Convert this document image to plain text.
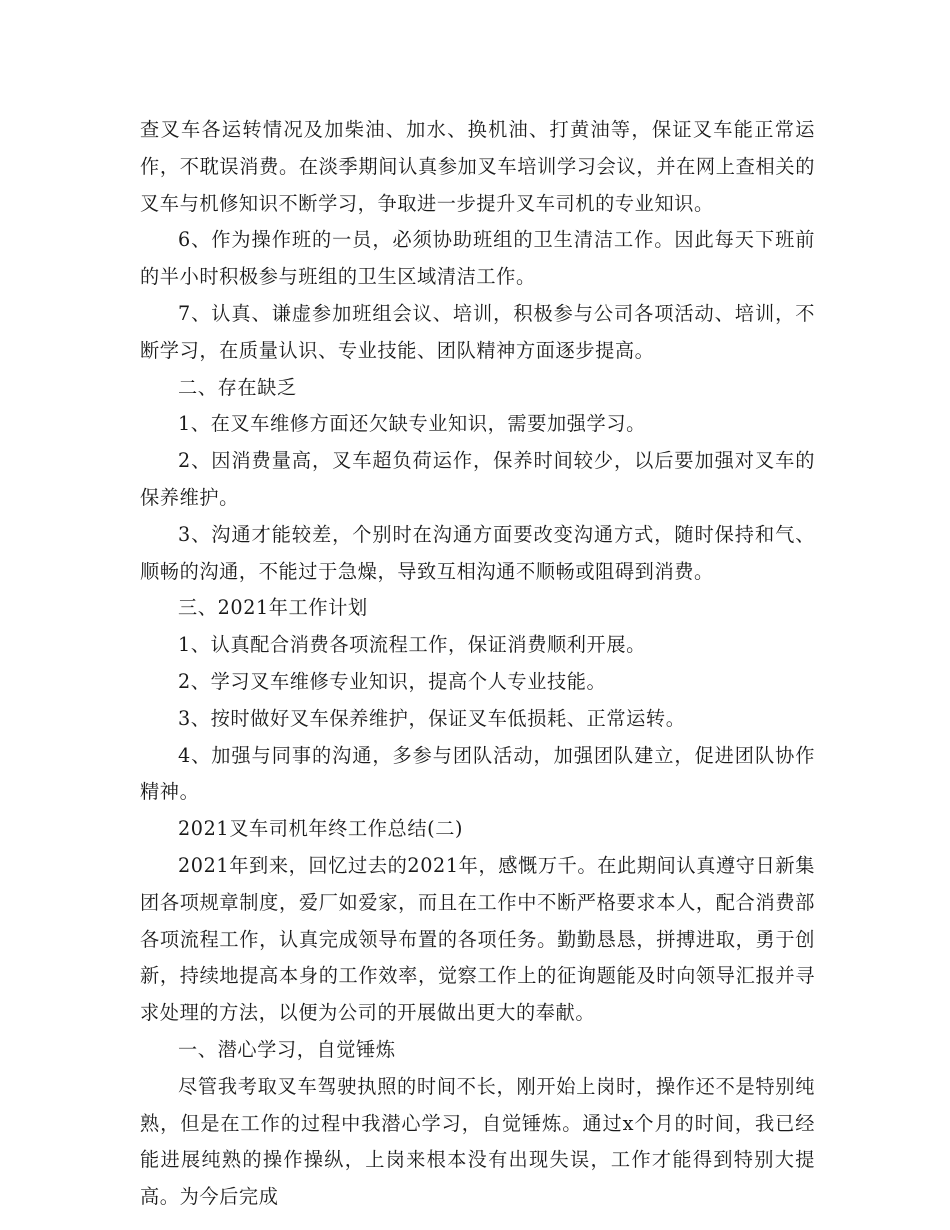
查叉车各运转情况及加柴油、加水、换机油、打黄油等，保证叉车能正常运作，不耽误消费。在淡季期间认真参加叉车培训学习会议，并在网上查相关的叉车与机修知识不断学习，争取进一步提升叉车司机的专业知识。

6、作为操作班的一员，必须协助班组的卫生清洁工作。因此每天下班前的半小时积极参与班组的卫生区域清洁工作。

7、认真、谦虚参加班组会议、培训，积极参与公司各项活动、培训，不断学习，在质量认识、专业技能、团队精神方面逐步提高。

二、存在缺乏

1、在叉车维修方面还欠缺专业知识，需要加强学习。

2、因消费量高，叉车超负荷运作，保养时间较少，以后要加强对叉车的保养维护。

3、沟通才能较差，个别时在沟通方面要改变沟通方式，随时保持和气、顺畅的沟通，不能过于急燥，导致互相沟通不顺畅或阻碍到消费。

三、2021年工作计划

1、认真配合消费各项流程工作，保证消费顺利开展。

2、学习叉车维修专业知识，提高个人专业技能。

3、按时做好叉车保养维护，保证叉车低损耗、正常运转。

4、加强与同事的沟通，多参与团队活动，加强团队建立，促进团队协作精神。

2021叉车司机年终工作总结(二)

2021年到来，回忆过去的2021年，感慨万千。在此期间认真遵守日新集团各项规章制度，爱厂如爱家，而且在工作中不断严格要求本人，配合消费部各项流程工作，认真完成领导布置的各项任务。勤勤恳恳，拼搏进取，勇于创新，持续地提高本身的工作效率，觉察工作上的征询题能及时向领导汇报并寻求处理的方法，以便为公司的开展做出更大的奉献。

一、潜心学习，自觉锤炼

尽管我考取叉车驾驶执照的时间不长，刚开始上岗时，操作还不是特别纯熟，但是在工作的过程中我潜心学习，自觉锤炼。通过x个月的时间，我已经能进展纯熟的操作操纵，上岗来根本没有出现失误，工作才能得到特别大提高。为今后完成
